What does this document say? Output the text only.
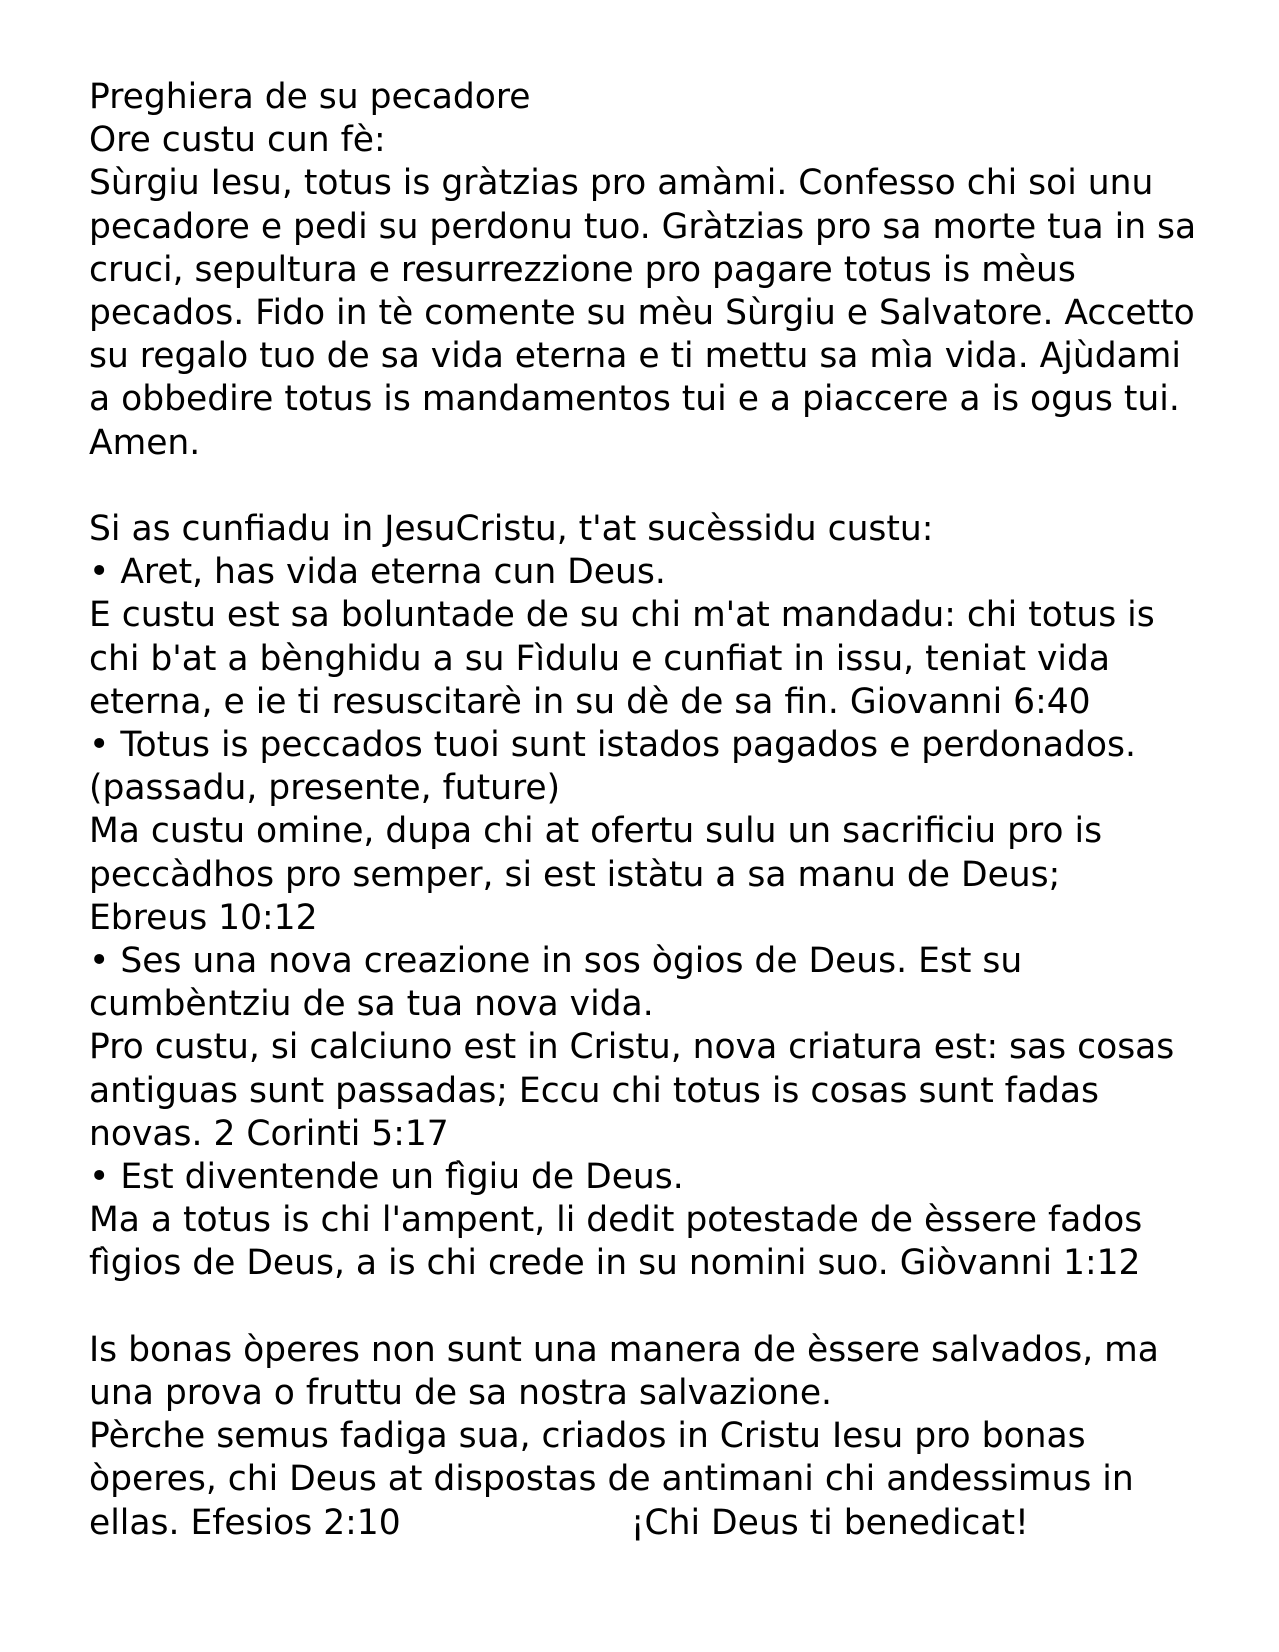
Preghiera de su pecadore
Ore custu cun fè:
Sùrgiu Iesu, totus is gràtzias pro amàmi. Confesso chi soi unu
pecadore e pedi su perdonu tuo. Gràtzias pro sa morte tua in sa
cruci, sepultura e resurrezzione pro pagare totus is mèus
pecados. Fido in tè comente su mèu Sùrgiu e Salvatore. Accetto
su regalo tuo de sa vida eterna e ti mettu sa mìa vida. Ajùdami
a obbedire totus is mandamentos tui e a piaccere a is ogus tui.
Amen.
Si as cunfiadu in JesuCristu, t'at sucèssidu custu:
• Aret, has vida eterna cun Deus.
E custu est sa boluntade de su chi m'at mandadu: chi totus is
chi b'at a bènghidu a su Fìdulu e cunfiat in issu, teniat vida
eterna, e ie ti resuscitarè in su dè de sa fin. Giovanni 6:40
• Totus is peccados tuoi sunt istados pagados e perdonados.
(passadu, presente, future)
Ma custu omine, dupa chi at ofertu sulu un sacrificiu pro is
peccàdhos pro semper, si est istàtu a sa manu de Deus;
Ebreus 10:12
• Ses una nova creazione in sos ògios de Deus. Est su
cumbèntziu de sa tua nova vida.
Pro custu, si calciuno est in Cristu, nova criatura est: sas cosas
antiguas sunt passadas; Eccu chi totus is cosas sunt fadas
novas. 2 Corinti 5:17
• Est diventende un fìgiu de Deus.
Ma a totus is chi l'ampent, li dedit potestade de èssere fados
fìgios de Deus, a is chi crede in su nomini suo. Giòvanni 1:12
Is bonas òperes non sunt una manera de èssere salvados, ma
una prova o fruttu de sa nostra salvazione.
Pèrche semus fadiga sua, criados in Cristu Iesu pro bonas
òperes, chi Deus at dispostas de antimani chi andessimus in
ellas. Efesios 2:10	¡Chi Deus ti benedicat!
